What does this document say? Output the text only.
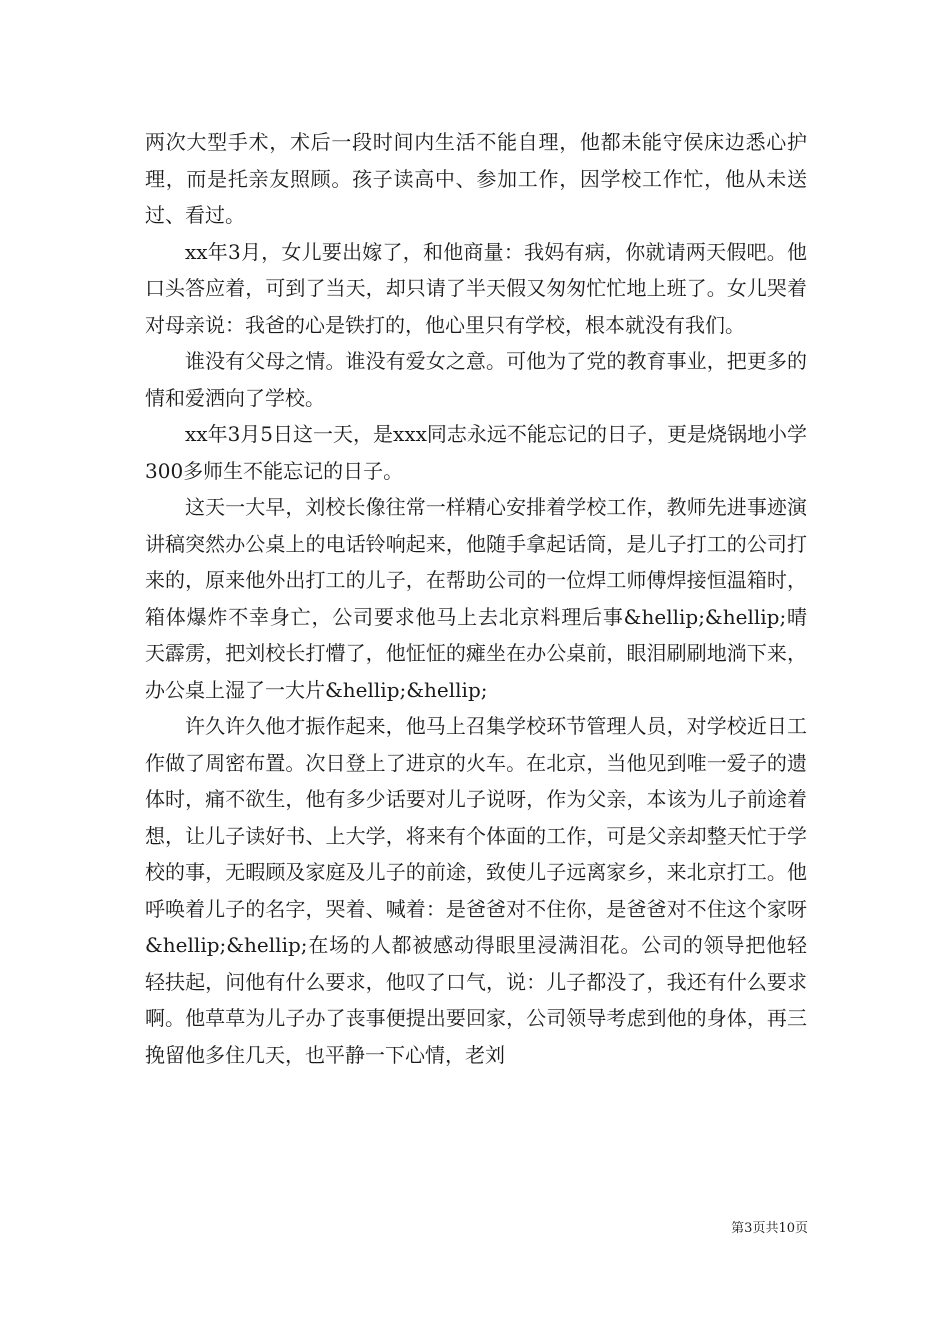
两次大型手术，术后一段时间内生活不能自理，他都未能守侯床边悉心护理，而是托亲友照顾。孩子读高中、参加工作，因学校工作忙，他从未送过、看过。

xx年3月，女儿要出嫁了，和他商量：我妈有病，你就请两天假吧。他口头答应着，可到了当天，却只请了半天假又匆匆忙忙地上班了。女儿哭着对母亲说：我爸的心是铁打的，他心里只有学校，根本就没有我们。

谁没有父母之情。谁没有爱女之意。可他为了党的教育事业，把更多的情和爱洒向了学校。

xx年3月5日这一天，是xxx同志永远不能忘记的日子，更是烧锅地小学300多师生不能忘记的日子。

这天一大早，刘校长像往常一样精心安排着学校工作，教师先进事迹演讲稿突然办公桌上的电话铃响起来，他随手拿起话筒，是儿子打工的公司打来的，原来他外出打工的儿子，在帮助公司的一位焊工师傅焊接恒温箱时，箱体爆炸不幸身亡，公司要求他马上去北京料理后事&hellip;&hellip;晴天霹雳，把刘校长打懵了，他怔怔的瘫坐在办公桌前，眼泪刷刷地淌下来，办公桌上湿了一大片&hellip;&hellip;

许久许久他才振作起来，他马上召集学校环节管理人员，对学校近日工作做了周密布置。次日登上了进京的火车。在北京，当他见到唯一爱子的遗体时，痛不欲生，他有多少话要对儿子说呀，作为父亲，本该为儿子前途着想，让儿子读好书、上大学，将来有个体面的工作，可是父亲却整天忙于学校的事，无暇顾及家庭及儿子的前途，致使儿子远离家乡，来北京打工。他呼唤着儿子的名字，哭着、喊着：是爸爸对不住你，是爸爸对不住这个家呀&hellip;&hellip;在场的人都被感动得眼里浸满泪花。公司的领导把他轻轻扶起，问他有什么要求，他叹了口气，说：儿子都没了，我还有什么要求啊。他草草为儿子办了丧事便提出要回家，公司领导考虑到他的身体，再三挽留他多住几天，也平静一下心情，老刘

第3页共10页
